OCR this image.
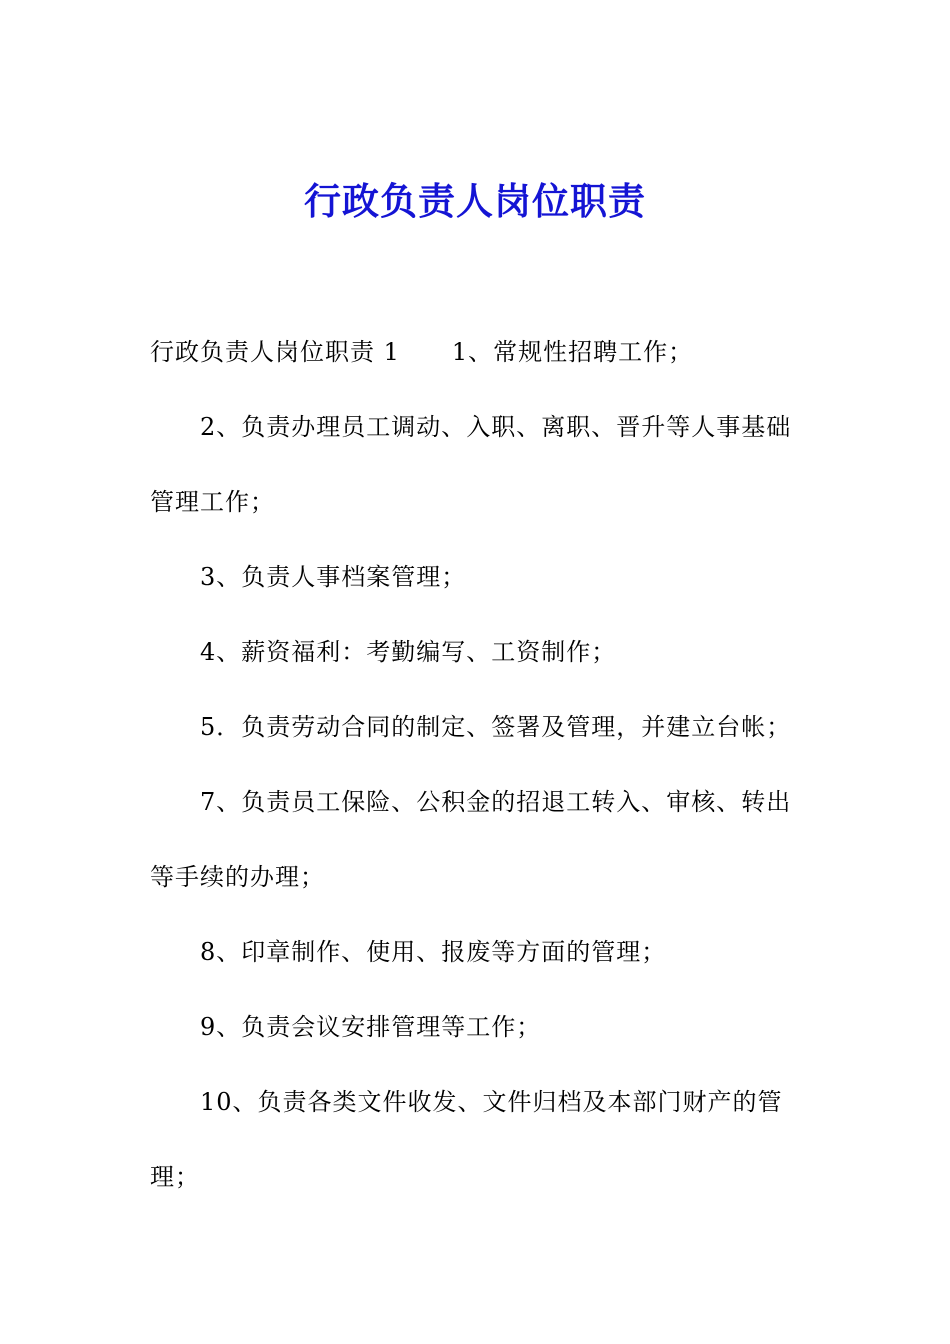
行政负责人岗位职责
行政负责人岗位职责 1 1、常规性招聘工作；
2、负责办理员工调动、入职、离职、晋升等人事基础
管理工作；
3、负责人事档案管理；
4、薪资福利：考勤编写、工资制作；
5．负责劳动合同的制定、签署及管理，并建立台帐；
7、负责员工保险、公积金的招退工转入、审核、转出
等手续的办理；
8、印章制作、使用、报废等方面的管理；
9、负责会议安排管理等工作；
10、负责各类文件收发、文件归档及本部门财产的管
理；
